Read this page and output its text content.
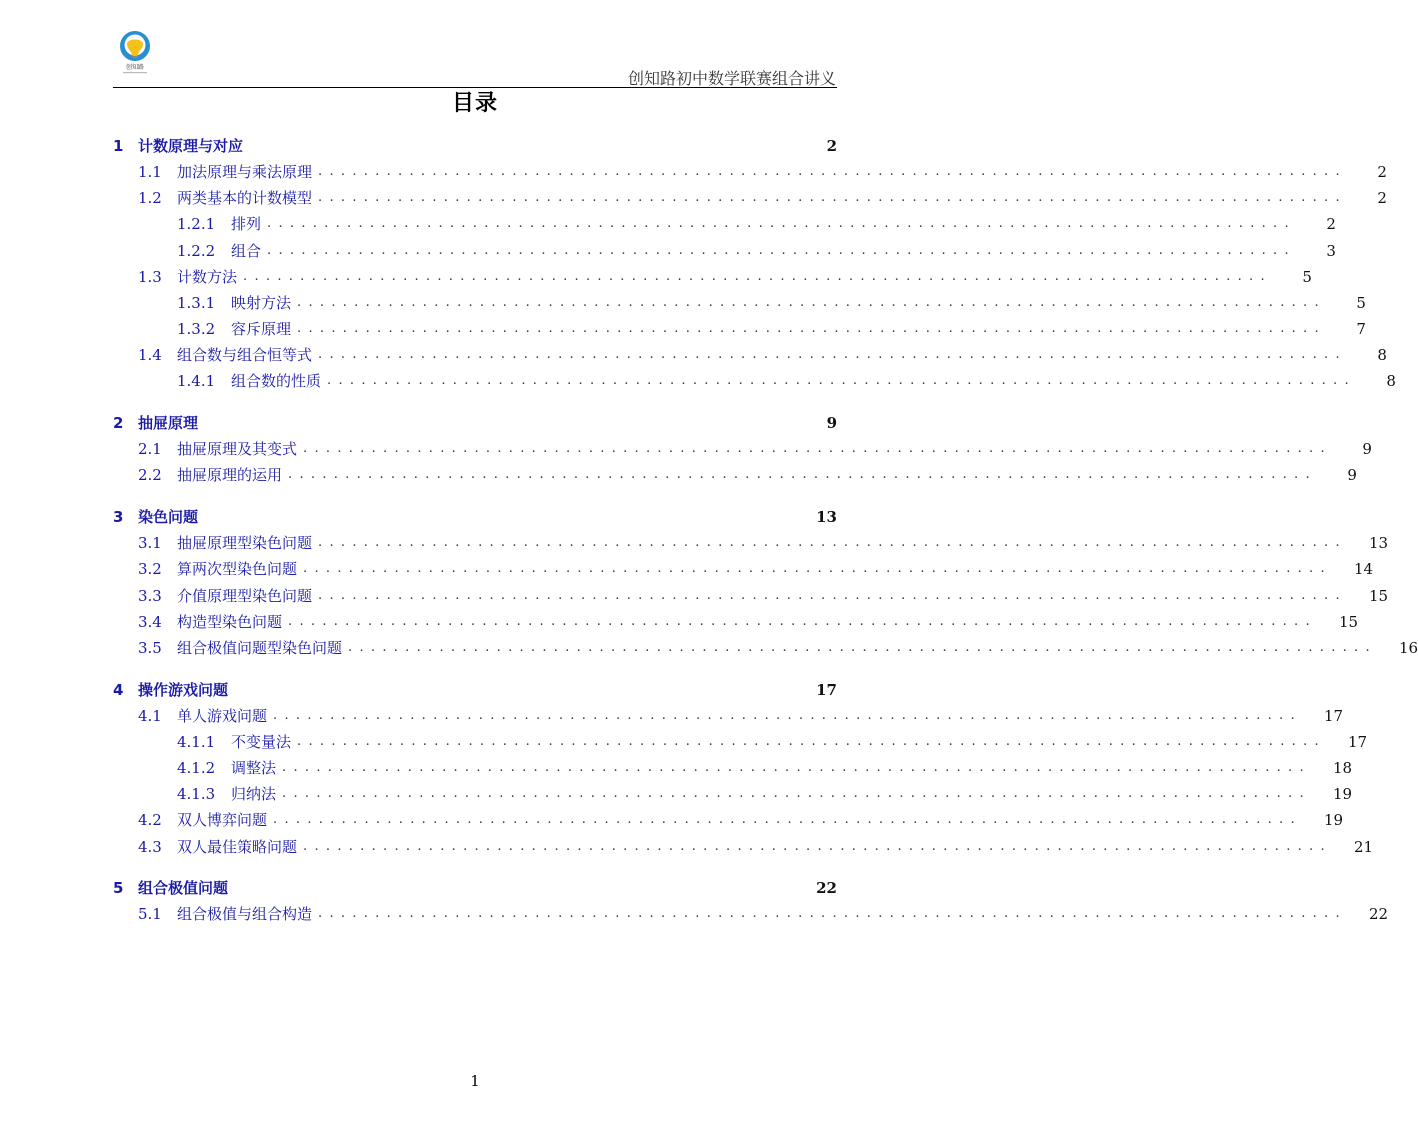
创知路
创知路初中数学联赛组合讲义
目录
1 计数原理与对应	2
1.1	加法原理与乘法原理 ..........................................................................................	2
1.2	两类基本的计数模型 ..........................................................................................	2
1.2.1	排列 ..........................................................................................	2
1.2.2	组合 ..........................................................................................	3
1.3	计数方法 ..........................................................................................	5
1.3.1	映射方法 ..........................................................................................	5
1.3.2	容斥原理 ..........................................................................................	7
1.4	组合数与组合恒等式 ..........................................................................................	8
1.4.1	组合数的性质 ..........................................................................................	8
2 抽屉原理	9
2.1	抽屉原理及其变式 ..........................................................................................	9
2.2	抽屉原理的运用 ..........................................................................................	9
3 染色问题	13
3.1	抽屉原理型染色问题 .......................................................................................... 13
3.2	算两次型染色问题 .......................................................................................... 14
3.3	介值原理型染色问题 .......................................................................................... 15
3.4	构造型染色问题 .......................................................................................... 15
3.5	组合极值问题型染色问题 .......................................................................................... 16
4 操作游戏问题	17
4.1	单人游戏问题 .......................................................................................... 17
4.1.1	不变量法 .......................................................................................... 17
4.1.2	调整法 .......................................................................................... 18
4.1.3	归纳法 .......................................................................................... 19
4.2	双人博弈问题 .......................................................................................... 19
4.3	双人最佳策略问题 .......................................................................................... 21
5 组合极值问题	22
5.1	组合极值与组合构造 .......................................................................................... 22
1
